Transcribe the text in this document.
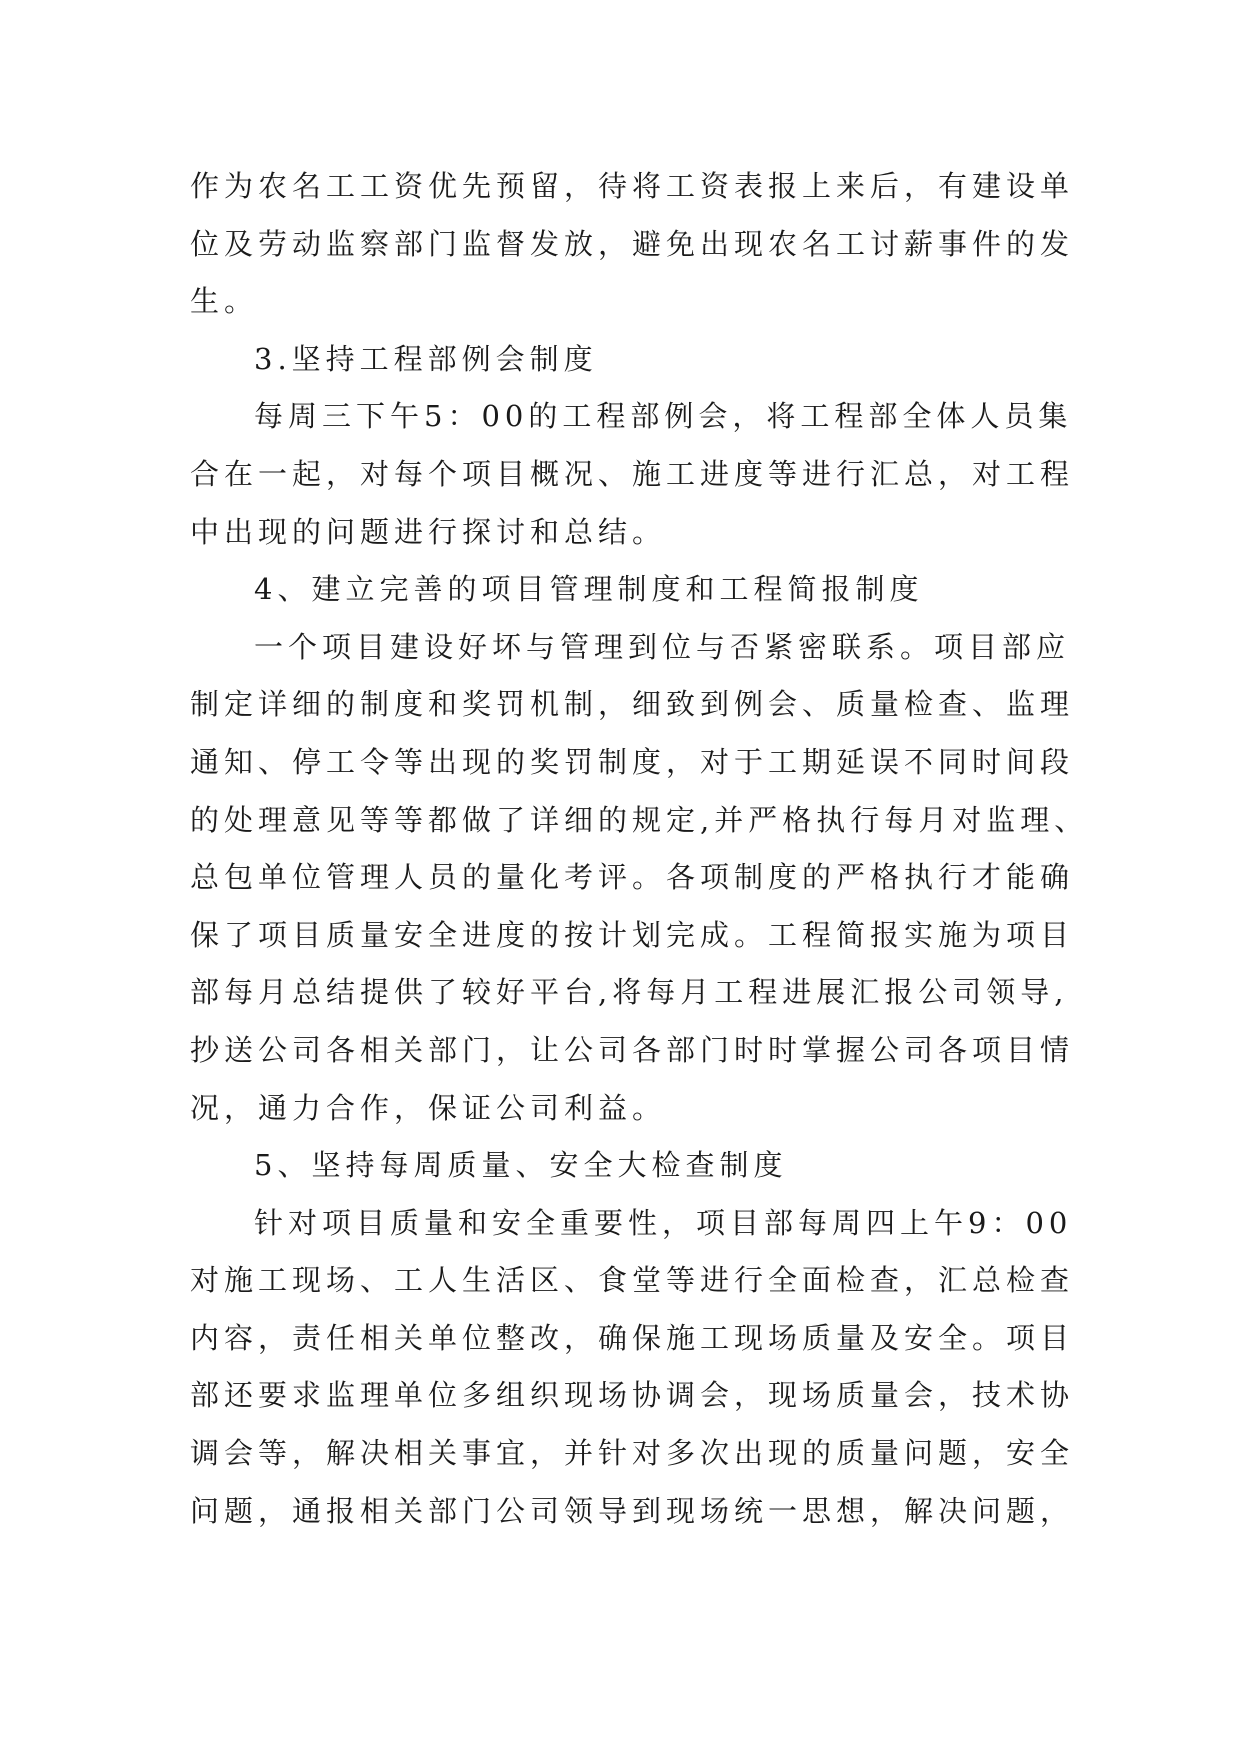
作为农名工工资优先预留，待将工资表报上来后，有建设单
位及劳动监察部门监督发放，避免出现农名工讨薪事件的发
生。
3.坚持工程部例会制度
每周三下午5：00的工程部例会，将工程部全体人员集
合在一起，对每个项目概况、施工进度等进行汇总，对工程
中出现的问题进行探讨和总结。
4、建立完善的项目管理制度和工程简报制度
一个项目建设好坏与管理到位与否紧密联系。项目部应
制定详细的制度和奖罚机制，细致到例会、质量检查、监理
通知、停工令等出现的奖罚制度，对于工期延误不同时间段
的处理意见等等都做了详细的规定,并严格执行每月对监理、
总包单位管理人员的量化考评。各项制度的严格执行才能确
保了项目质量安全进度的按计划完成。工程简报实施为项目
部每月总结提供了较好平台,将每月工程进展汇报公司领导,
抄送公司各相关部门，让公司各部门时时掌握公司各项目情
况，通力合作，保证公司利益。
5、坚持每周质量、安全大检查制度
针对项目质量和安全重要性，项目部每周四上午9：00
对施工现场、工人生活区、食堂等进行全面检查，汇总检查
内容，责任相关单位整改，确保施工现场质量及安全。项目
部还要求监理单位多组织现场协调会，现场质量会，技术协
调会等，解决相关事宜，并针对多次出现的质量问题，安全
问题，通报相关部门公司领导到现场统一思想，解决问题，
